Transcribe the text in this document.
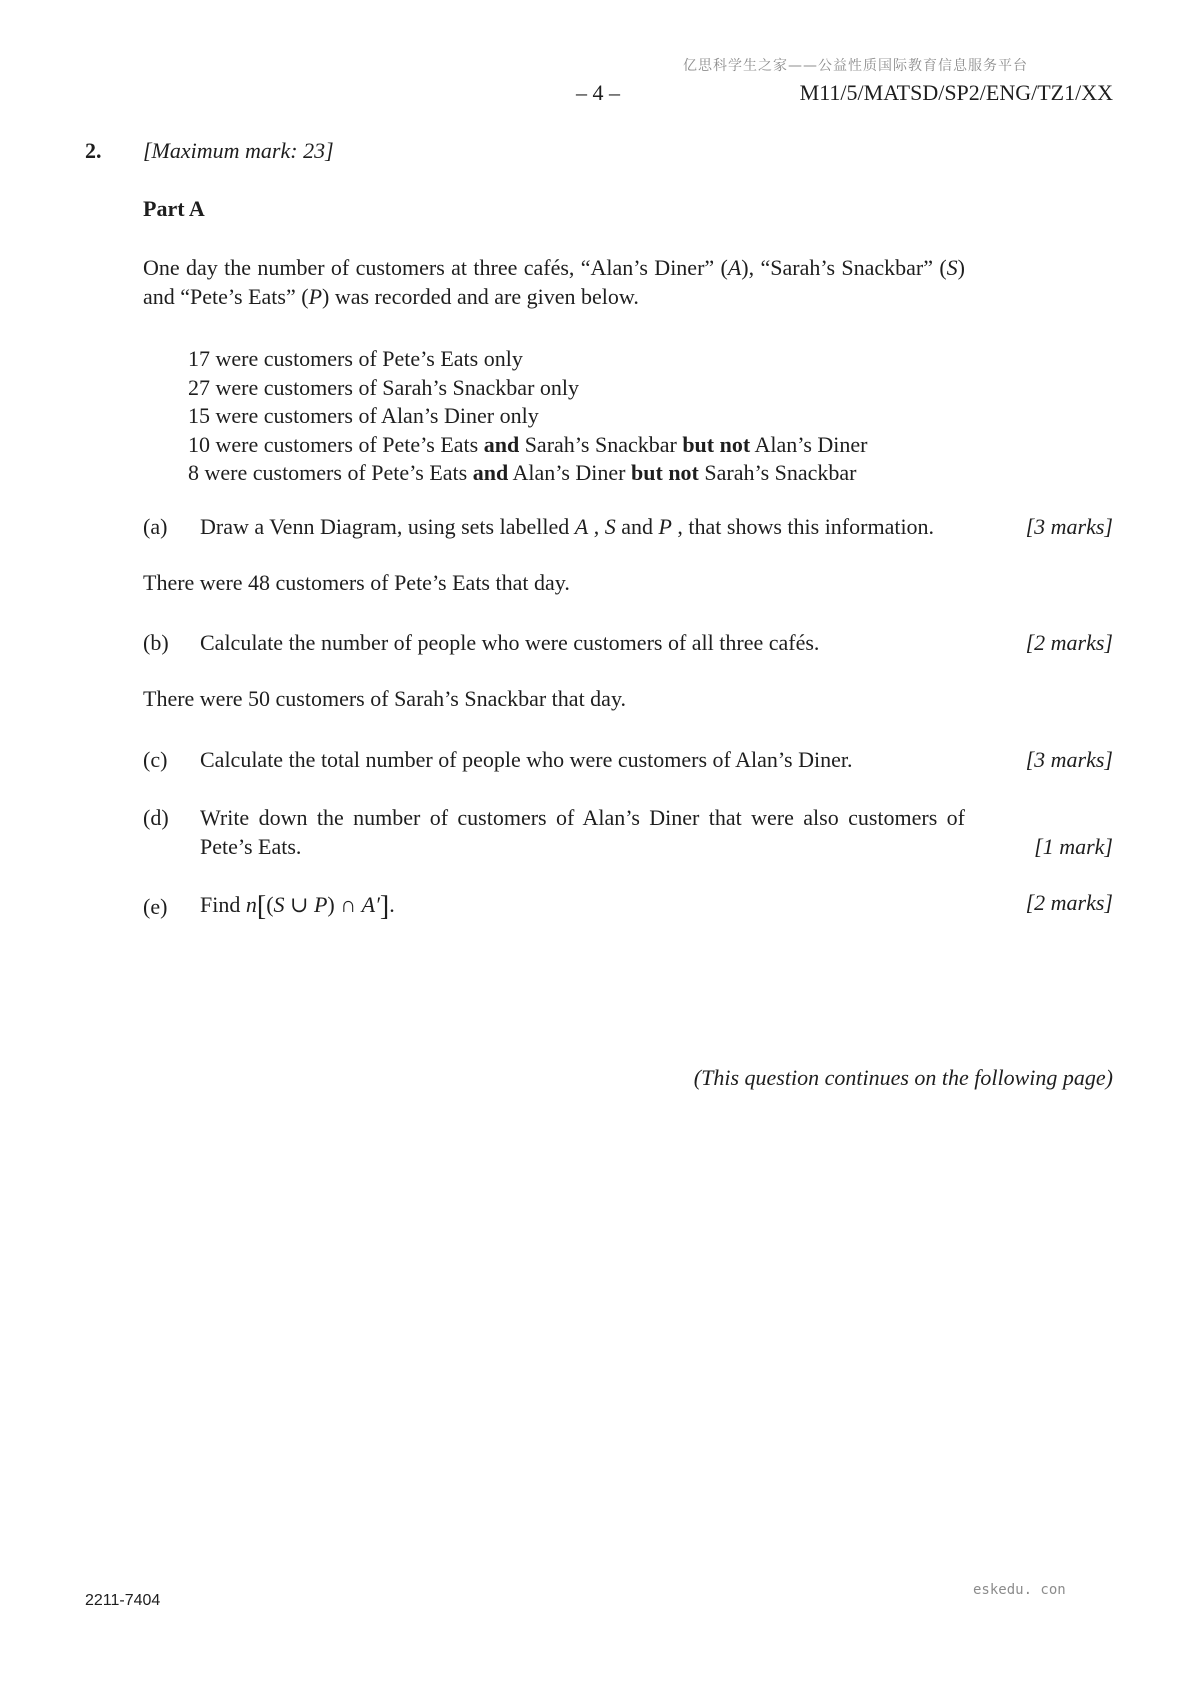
亿思科学生之家——公益性质国际教育信息服务平台
– 4 –	M11/5/MATSD/SP2/ENG/TZ1/XX
2. [Maximum mark: 23]
Part A
One day the number of customers at three cafés, “Alan’s Diner” (A), “Sarah’s Snackbar” (S) and “Pete’s Eats” (P) was recorded and are given below.
17 were customers of Pete’s Eats only
27 were customers of Sarah’s Snackbar only
15 were customers of Alan’s Diner only
10 were customers of Pete’s Eats and Sarah’s Snackbar but not Alan’s Diner
8 were customers of Pete’s Eats and Alan’s Diner but not Sarah’s Snackbar
(a) Draw a Venn Diagram, using sets labelled A , S and P , that shows this information.	[3 marks]
There were 48 customers of Pete’s Eats that day.
(b) Calculate the number of people who were customers of all three cafés.	[2 marks]
There were 50 customers of Sarah’s Snackbar that day.
(c) Calculate the total number of people who were customers of Alan’s Diner.	[3 marks]
(d) Write down the number of customers of Alan’s Diner that were also customers of Pete’s Eats.	[1 mark]
(e) Find n[(S ∪ P) ∩ A′].	[2 marks]
(This question continues on the following page)
2211-7404
eskedu. con
